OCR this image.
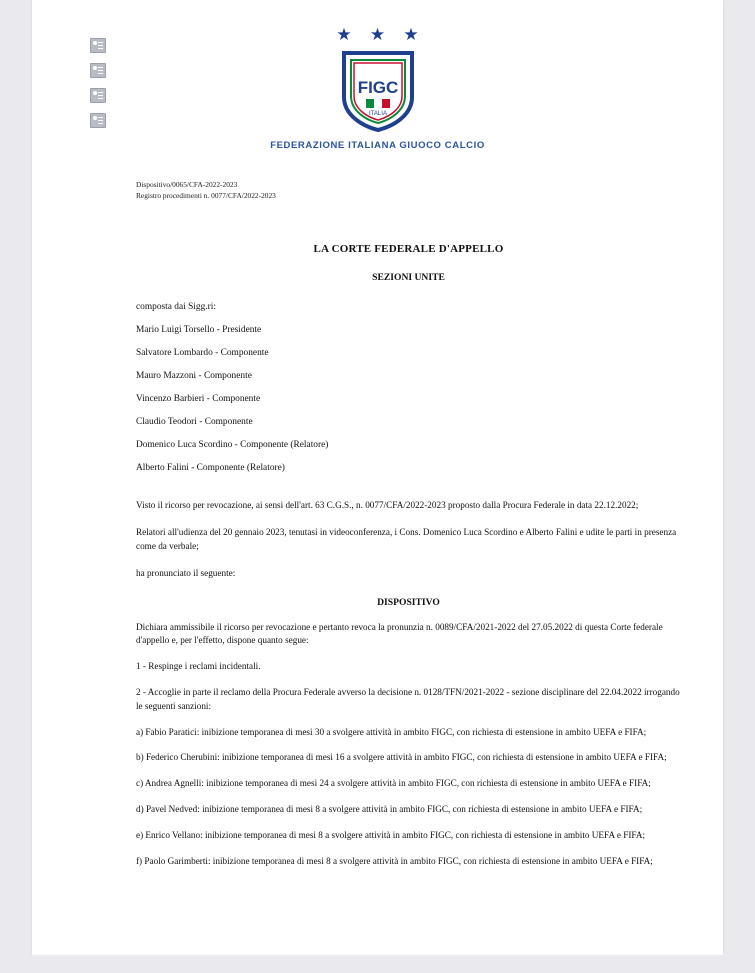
★ ★ ★
FIGC
ITALIA
FEDERAZIONE ITALIANA GIUOCO CALCIO
Dispositivo/0065/CFA-2022-2023
Registro procedimenti n. 0077/CFA/2022-2023
LA CORTE FEDERALE D'APPELLO
SEZIONI UNITE
composta dai Sigg.ri:
Mario Luigi Torsello - Presidente
Salvatore Lombardo - Componente
Mauro Mazzoni - Componente
Vincenzo Barbieri - Componente
Claudio Teodori - Componente
Domenico Luca Scordino - Componente (Relatore)
Alberto Falini - Componente (Relatore)
Visto il ricorso per revocazione, ai sensi dell'art. 63 C.G.S., n. 0077/CFA/2022-2023 proposto dalla Procura Federale in data 22.12.2022;
Relatori all'udienza del 20 gennaio 2023, tenutasi in videoconferenza, i Cons. Domenico Luca Scordino e Alberto Falini e udite le parti in presenza come da verbale;
ha pronunciato il seguente:
DISPOSITIVO
Dichiara ammissibile il ricorso per revocazione e pertanto revoca la pronunzia n. 0089/CFA/2021-2022 del 27.05.2022 di questa Corte federale d'appello e, per l'effetto, dispone quanto segue:
1 - Respinge i reclami incidentali.
2 - Accoglie in parte il reclamo della Procura Federale avverso la decisione n. 0128/TFN/2021-2022 - sezione disciplinare del 22.04.2022 irrogando le seguenti sanzioni:
a) Fabio Paratici: inibizione temporanea di mesi 30 a svolgere attività in ambito FIGC, con richiesta di estensione in ambito UEFA e FIFA;
b) Federico Cherubini: inibizione temporanea di mesi 16 a svolgere attività in ambito FIGC, con richiesta di estensione in ambito UEFA e FIFA;
c) Andrea Agnelli: inibizione temporanea di mesi 24 a svolgere attività in ambito FIGC, con richiesta di estensione in ambito UEFA e FIFA;
d) Pavel Nedved: inibizione temporanea di mesi 8 a svolgere attività in ambito FIGC, con richiesta di estensione in ambito UEFA e FIFA;
e) Enrico Vellano: inibizione temporanea di mesi 8 a svolgere attività in ambito FIGC, con richiesta di estensione in ambito UEFA e FIFA;
f) Paolo Garimberti: inibizione temporanea di mesi 8 a svolgere attività in ambito FIGC, con richiesta di estensione in ambito UEFA e FIFA;
